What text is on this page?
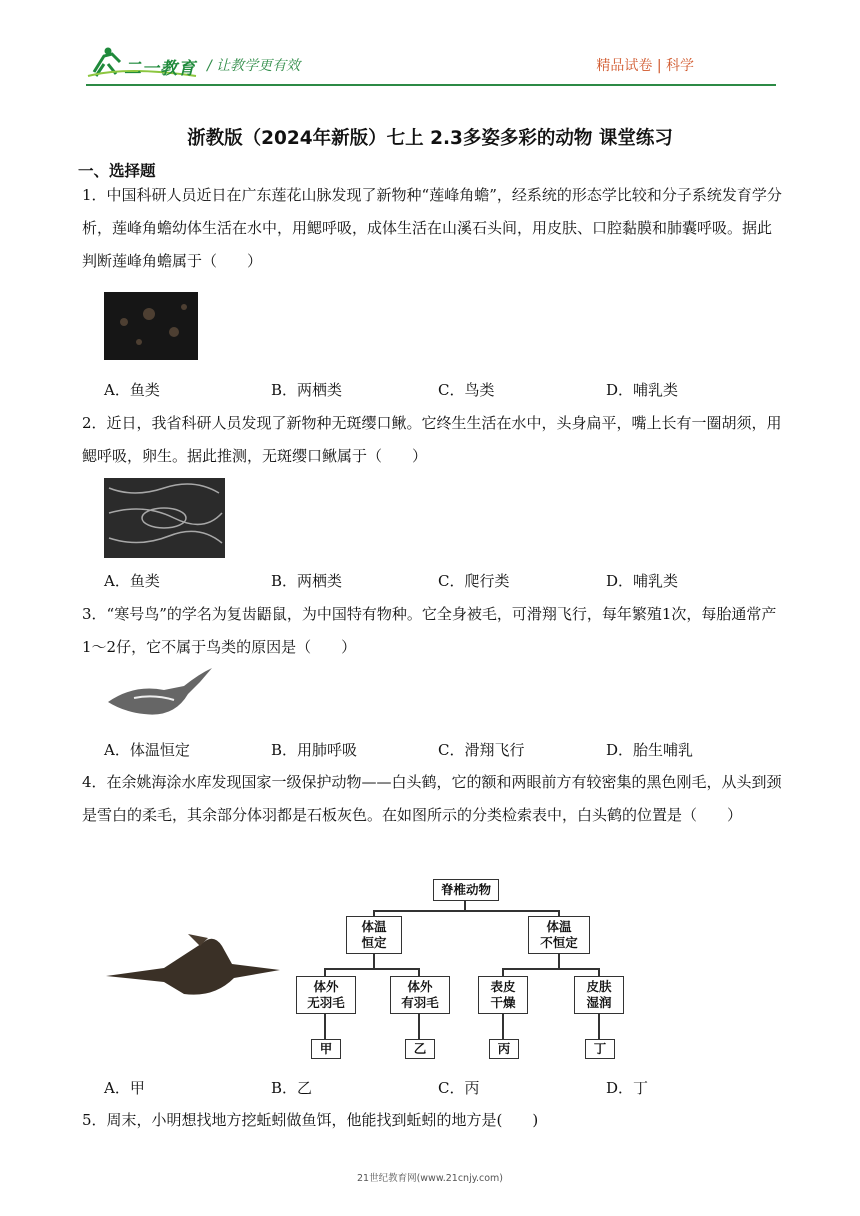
二一教育 / 让教学更有效	精品试卷 | 科学
浙教版（2024年新版）七上 2.3多姿多彩的动物 课堂练习
一、选择题
1．中国科研人员近日在广东莲花山脉发现了新物种“莲峰角蟾”，经系统的形态学比较和分子系统发育学分析，莲峰角蟾幼体生活在水中，用鳃呼吸，成体生活在山溪石头间，用皮肤、口腔黏膜和肺囊呼吸。据此判断莲峰角蟾属于（　　）
A．鱼类	B．两栖类	C．鸟类	D．哺乳类
2．近日，我省科研人员发现了新物种无斑缨口鳅。它终生生活在水中，头身扁平，嘴上长有一圈胡须，用鳃呼吸，卵生。据此推测，无斑缨口鳅属于（　　）
A．鱼类	B．两栖类	C．爬行类	D．哺乳类
3．“寒号鸟”的学名为复齿鼯鼠，为中国特有物种。它全身被毛，可滑翔飞行，每年繁殖1次，每胎通常产1～2仔，它不属于鸟类的原因是（　　）
A．体温恒定	B．用肺呼吸	C．滑翔飞行	D．胎生哺乳
4．在余姚海涂水库发现国家一级保护动物——白头鹤，它的额和两眼前方有较密集的黑色刚毛，从头到颈是雪白的柔毛，其余部分体羽都是石板灰色。在如图所示的分类检索表中，白头鹤的位置是（　　）
脊椎动物
体温
恒定
体温
不恒定
体外
无羽毛
体外
有羽毛
表皮
干燥
皮肤
湿润
甲	乙	丙	丁
A．甲	B．乙	C．丙	D．丁
5．周末，小明想找地方挖蚯蚓做鱼饵，他能找到蚯蚓的地方是(　　)
21世纪教育网(www.21cnjy.com)
